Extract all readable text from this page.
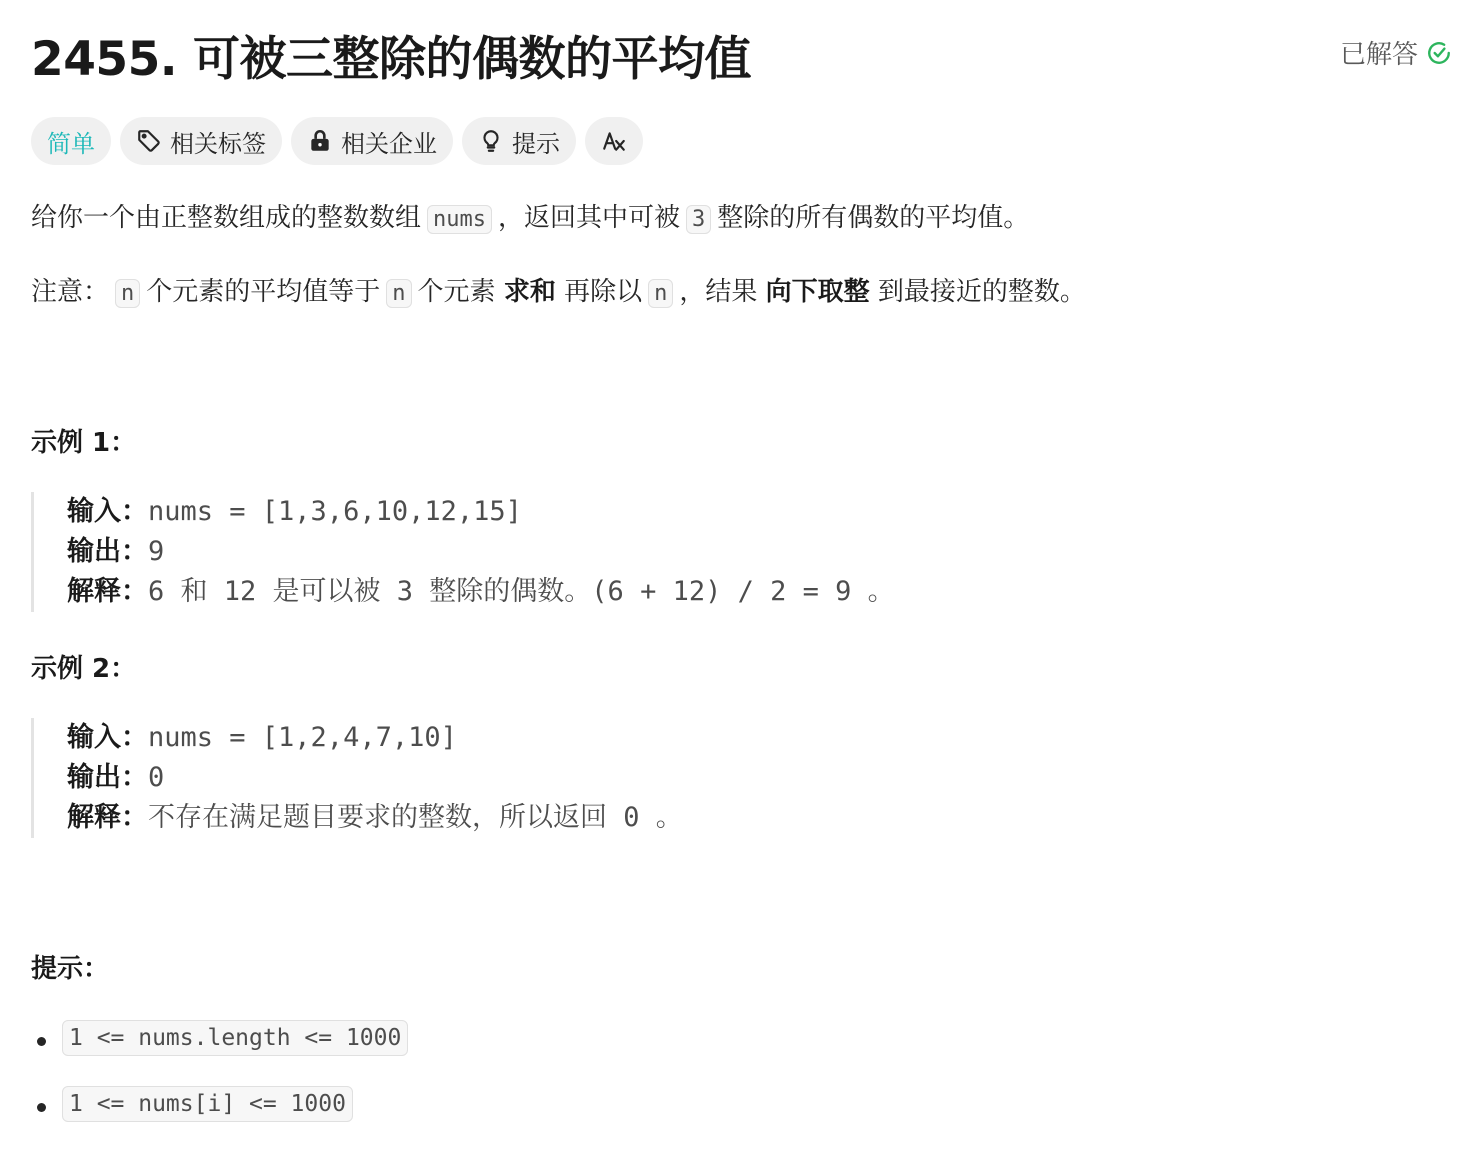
2455. 可被三整除的偶数的平均值	已解答
简单	相关标签	相关企业	提示
给你一个由正整数组成的整数数组 nums ，返回其中可被 3 整除的所有偶数的平均值。
注意： n 个元素的平均值等于 n 个元素 求和 再除以 n ，结果 向下取整 到最接近的整数。
示例 1：
输入：nums = [1,3,6,10,12,15]
输出：9
解释：6 和 12 是可以被 3 整除的偶数。(6 + 12) / 2 = 9 。
示例 2：
输入：nums = [1,2,4,7,10]
输出：0
解释：不存在满足题目要求的整数，所以返回 0 。
提示：
1 <= nums.length <= 1000
1 <= nums[i] <= 1000
